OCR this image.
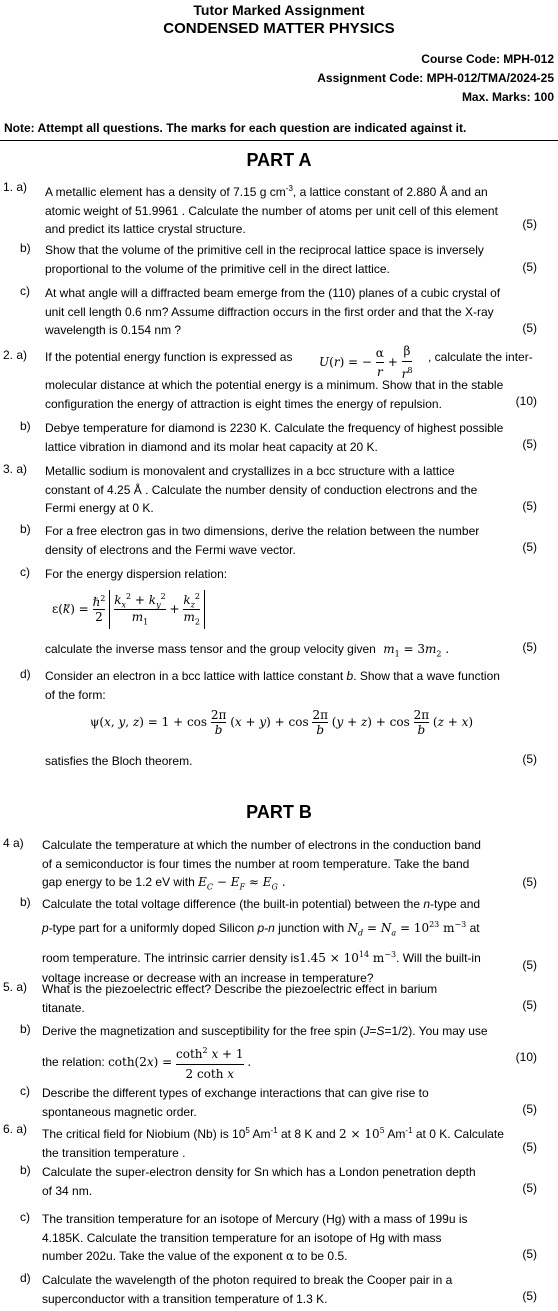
Tutor Marked Assignment
CONDENSED MATTER PHYSICS
Course Code: MPH-012
Assignment Code: MPH-012/TMA/2024-25
Max. Marks: 100
Note: Attempt all questions. The marks for each question are indicated against it.
PART A
1. a) A metallic element has a density of 7.15 g $cm^{-3}$, a lattice constant of 2.880 Å and an
atomic weight of 51.9961 . Calculate the number of atoms per unit cell of this element
and predict its lattice crystal structure.	(5)
b) Show that the volume of the primitive cell in the reciprocal lattice space is inversely
proportional to the volume of the primitive cell in the direct lattice.	(5)
c) At what angle will a diffracted beam emerge from the (110) planes of a cubic crystal of
unit cell length 0.6 nm? Assume diffraction occurs in the first order and that the X-ray
wavelength is 0.154 nm ?	(5)
2. a) If the potential energy function is expressed as U(r) = − $\frac{\alpha}{r} + \frac{\beta}{r^8}$ , calculate the inter-
molecular distance at which the potential energy is a minimum. Show that in the stable
configuration the energy of attraction is eight times the energy of repulsion.	(10)
b) Debye temperature for diamond is 2230 K. Calculate the frequency of highest possible
lattice vibration in diamond and its molar heat capacity at 20 K.	(5)
3. a) Metallic sodium is monovalent and crystallizes in a bcc structure with a lattice
constant of 4.25 Å . Calculate the number density of conduction electrons and the
Fermi energy at 0 K.	(5)
b) For a free electron gas in two dimensions, derive the relation between the number
density of electrons and the Fermi wave vector.	(5)
c) For the energy dispersion relation:
ε(k⃗) = $\frac{\hbar^2}{2}$
$\frac{k_x^2 + k_y^2}{m_1} + \frac{k_z^2}{m_2}$
calculate the inverse mass tensor and the group velocity given $m_1 = 3m_2$ .	(5)
d) Consider an electron in a bcc lattice with lattice constant b. Show that a wave function
of the form:
ψ(x, y, $z) = 1 + \cos \frac{2\pi}{b} (x + y) + \cos \frac{2\pi}{b} (y + z) + \cos \frac{2\pi}{b} (z + x)$
satisfies the Bloch theorem.	(5)
PART B
4 a) Calculate the temperature at which the number of electrons in the conduction band
of a semiconductor is four times the number at room temperature. Take the band
gap energy to be 1.2 eV with $E_C - E_F \approx E_G$ .	(5)
b) Calculate the total voltage difference (the built-in potential) between the n-type and
p-type part for a uniformly doped Silicon p-n junction with $N_d = N_a = 10^{23}$ $m^{-3}$ at
room temperature. The intrinsic carrier density $is1.45 \times 10^{14}$ $m^{-3}$. Will the built-in
voltage increase or decrease with an increase in temperature?
(5)
5. a) What is the piezoelectric effect? Describe the piezoelectric effect in barium
titanate.	(5)
b) Derive the magnetization and susceptibility for the free spin (J=S=1/2). You may use
the relation: $\cot h(2x) = \frac{\cot h^2 x + 1}{\text{2 coth x}}$ .	(10)
c) Describe the different types of exchange interactions that can give rise to
spontaneous magnetic order.	(5)
6. a) The critical field for Niobium (Nb) is $10^5$ $Am^{-1}$ at 8 K and $2 \times 10^5$ $Am^{-1}$ at 0 K. Calculate
the transition temperature .	(5)
b) Calculate the super-electron density for Sn which has a London penetration depth
of 34 nm.	(5)
c) The transition temperature for an isotope of Mercury (Hg) with a mass of 199u is
4.185K. Calculate the transition temperature for an isotope of Hg with mass
number 202u. Take the value of the exponent α to be 0.5.	(5)
d) Calculate the wavelength of the photon required to break the Cooper pair in a
superconductor with a transition temperature of 1.3 K.	(5)
